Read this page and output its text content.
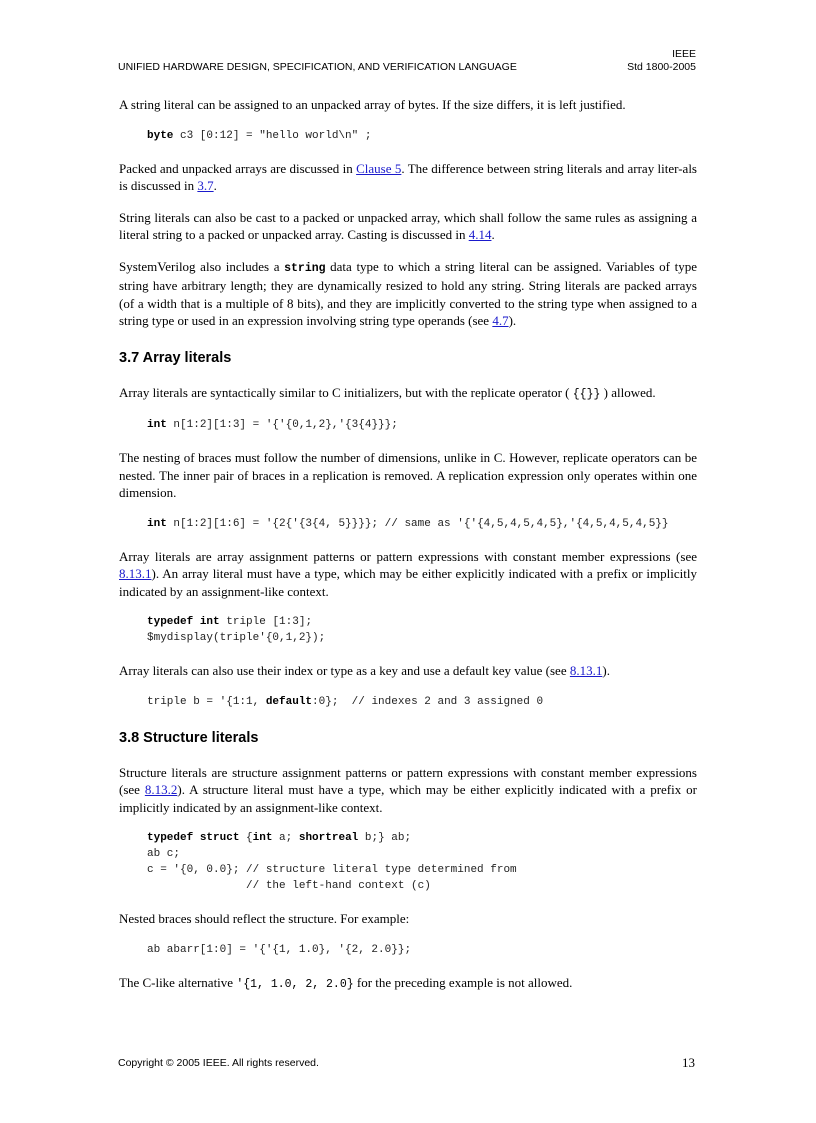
UNIFIED HARDWARE DESIGN, SPECIFICATION, AND VERIFICATION LANGUAGE
IEEE
Std 1800-2005

A string literal can be assigned to an unpacked array of bytes. If the size differs, it is left justified.

byte c3 [0:12] = "hello world\n" ;

Packed and unpacked arrays are discussed in Clause 5. The difference between string literals and array liter-als is discussed in 3.7.

String literals can also be cast to a packed or unpacked array, which shall follow the same rules as assigning a literal string to a packed or unpacked array. Casting is discussed in 4.14.

SystemVerilog also includes a string data type to which a string literal can be assigned. Variables of type string have arbitrary length; they are dynamically resized to hold any string. String literals are packed arrays (of a width that is a multiple of 8 bits), and they are implicitly converted to the string type when assigned to a string type or used in an expression involving string type operands (see 4.7).

3.7 Array literals

Array literals are syntactically similar to C initializers, but with the replicate operator ( {{}} ) allowed.

int n[1:2][1:3] = '{'{0,1,2},'{3{4}}};

The nesting of braces must follow the number of dimensions, unlike in C. However, replicate operators can be nested. The inner pair of braces in a replication is removed. A replication expression only operates within one dimension.

int n[1:2][1:6] = '{2{'{3{4, 5}}}}; // same as '{'{4,5,4,5,4,5},'{4,5,4,5,4,5}}

Array literals are array assignment patterns or pattern expressions with constant member expressions (see 8.13.1). An array literal must have a type, which may be either explicitly indicated with a prefix or implicitly indicated by an assignment-like context.

typedef int triple [1:3];
$mydisplay(triple'{0,1,2});

Array literals can also use their index or type as a key and use a default key value (see 8.13.1).

triple b = '{1:1, default:0};  // indexes 2 and 3 assigned 0
3.8 Structure literals

Structure literals are structure assignment patterns or pattern expressions with constant member expressions (see 8.13.2). A structure literal must have a type, which may be either explicitly indicated with a prefix or implicitly indicated by an assignment-like context.

typedef struct {int a; shortreal b;} ab;
ab c;
c = '{0, 0.0}; // structure literal type determined from
// the left-hand context (c)

Nested braces should reflect the structure. For example:

ab abarr[1:0] = '{'{1, 1.0}, '{2, 2.0}};

The C-like alternative '{1, 1.0, 2, 2.0} for the preceding example is not allowed.

Copyright © 2005 IEEE. All rights reserved.	13
